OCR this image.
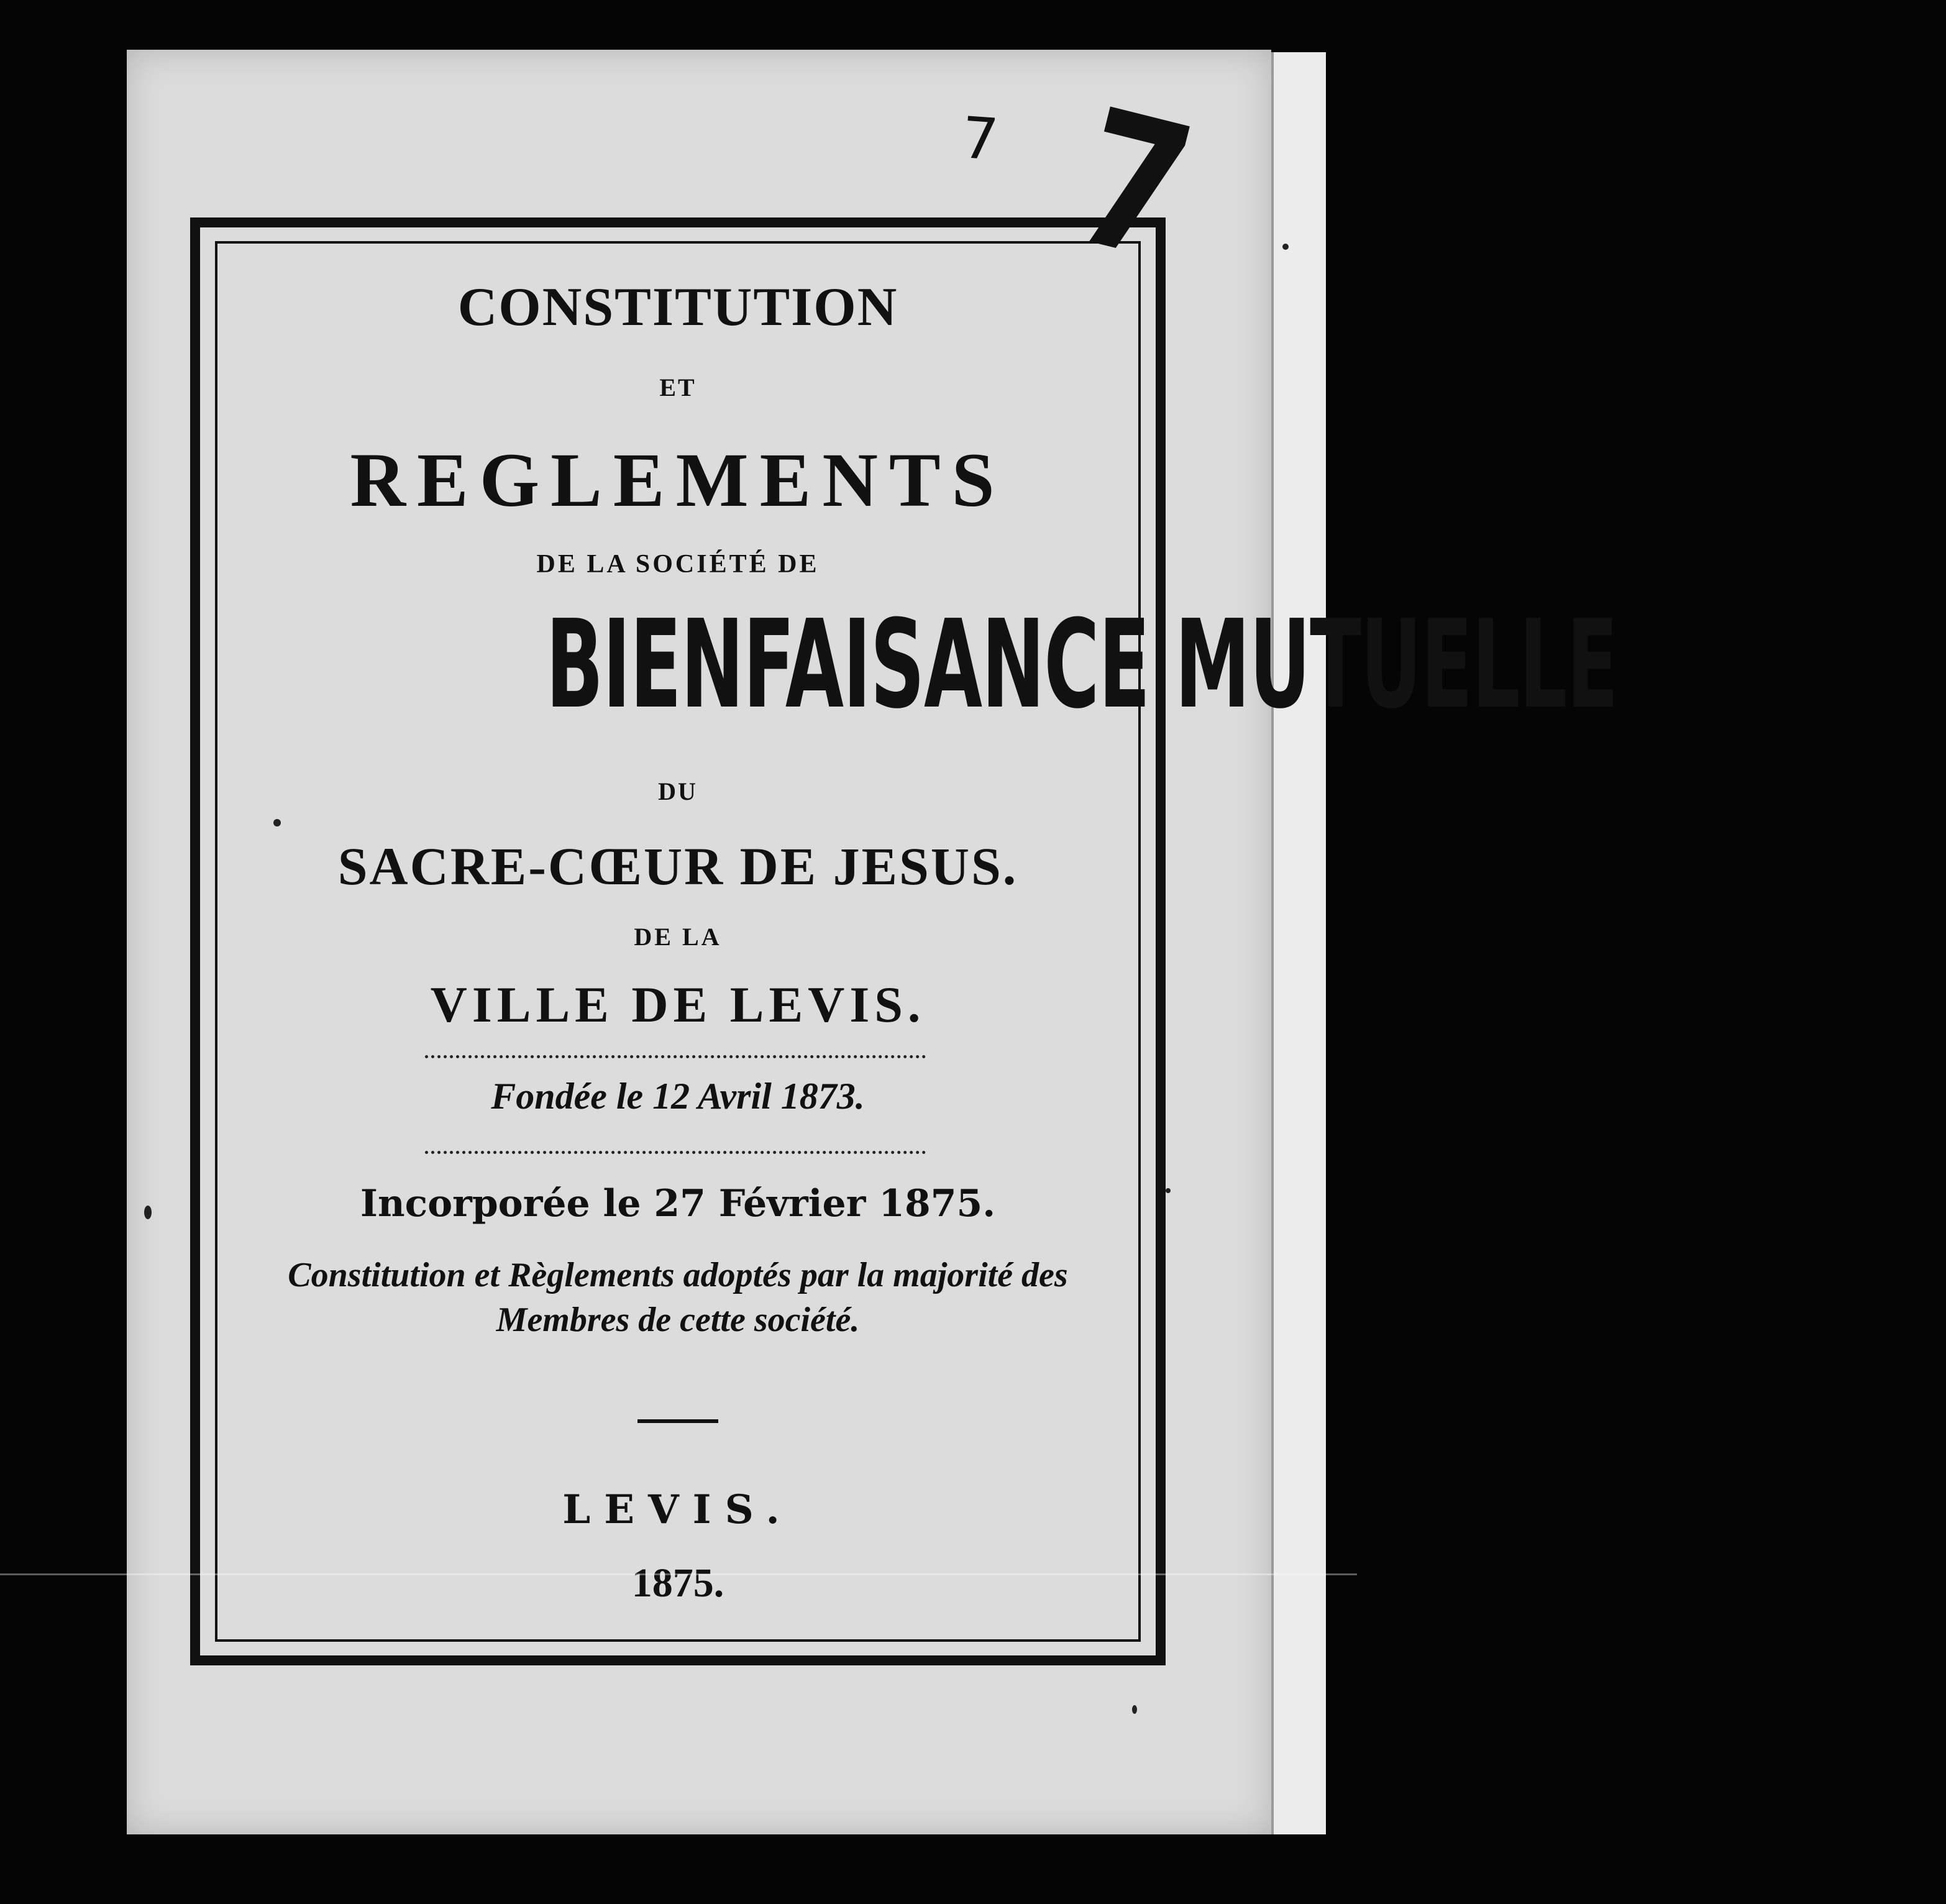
7 7
CONSTITUTION
ET
REGLEMENTS
DE LA SOCIÉTÉ DE
BIENFAISANCE MUTUELLE
DU
SACRE-CŒUR DE JESUS.
DE LA
VILLE DE LEVIS.
Fondée le 12 Avril 1873.
Incorporée le 27 Février 1875.
Constitution et Règlements adoptés par la majorité des
Membres de cette société.
LEVIS.
1875.
